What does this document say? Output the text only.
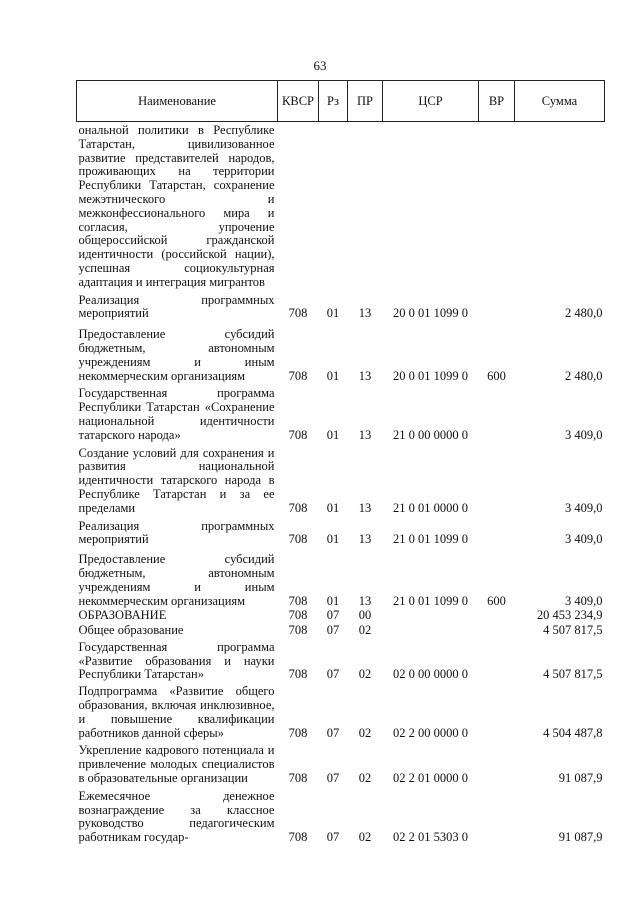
63
Наименование	КВСР	Рз	ПР	ЦСР	ВР	Сумма
ональной политики в Республике Татарстан, цивилизованное развитие представителей народов, проживающих на территории Республики Татарстан, сохранение межэтнического и межконфессионального мира и согласия, упрочение общероссийской гражданской идентичности (российской нации), успешная социокультурная адаптация и интеграция мигрантов						
Реализация программных мероприятий	708	01	13	20 0 01 1099 0		2 480,0
Предоставление субсидий бюджетным, автономным учреждениям и иным некоммерческим организациям	708	01	13	20 0 01 1099 0	600	2 480,0
Государственная программа Республики Татарстан «Сохранение национальной идентичности татарского народа»	708	01	13	21 0 00 0000 0		3 409,0
Создание условий для сохранения и развития национальной идентичности татарского народа в Республике Татарстан и за ее пределами	708	01	13	21 0 01 0000 0		3 409,0
Реализация программных мероприятий	708	01	13	21 0 01 1099 0		3 409,0
Предоставление субсидий бюджетным, автономным учреждениям и иным некоммерческим организациям	708	01	13	21 0 01 1099 0	600	3 409,0
ОБРАЗОВАНИЕ	708	07	00			20 453 234,9
Общее образование	708	07	02			4 507 817,5
Государственная программа «Развитие образования и науки Республики Татарстан»	708	07	02	02 0 00 0000 0		4 507 817,5
Подпрограмма «Развитие общего образования, включая инклюзивное, и повышение квалификации работников данной сферы»	708	07	02	02 2 00 0000 0		4 504 487,8
Укрепление кадрового потенциала и привлечение молодых специалистов в образовательные организации	708	07	02	02 2 01 0000 0		91 087,9
Ежемесячное денежное вознаграждение за классное руководство педагогическим работникам государ-	708	07	02	02 2 01 5303 0		91 087,9
